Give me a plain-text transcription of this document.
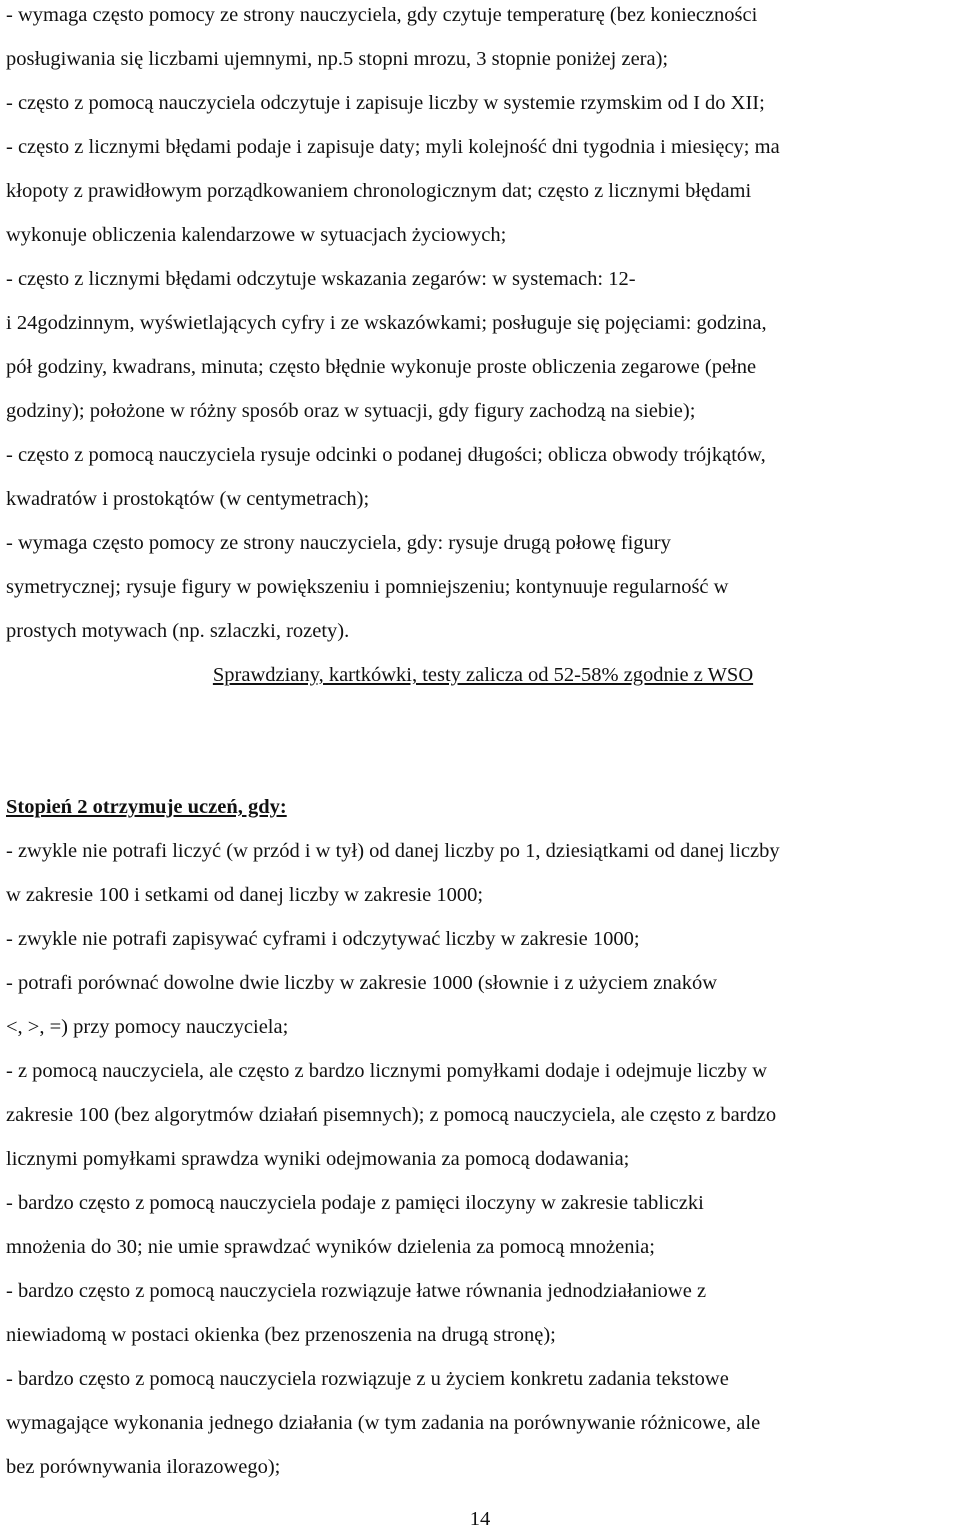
- wymaga często pomocy ze strony nauczyciela, gdy czytuje temperaturę (bez konieczności
posługiwania się liczbami ujemnymi, np.5 stopni mrozu, 3 stopnie poniżej zera);
- często z pomocą nauczyciela odczytuje i zapisuje liczby w systemie rzymskim od I do XII;
- często z licznymi błędami podaje i zapisuje daty; myli kolejność dni tygodnia i miesięcy; ma
kłopoty z prawidłowym porządkowaniem chronologicznym dat; często z licznymi błędami
wykonuje obliczenia kalendarzowe w sytuacjach życiowych;
- często z licznymi błędami odczytuje wskazania zegarów: w systemach: 12-
i 24godzinnym, wyświetlających cyfry i ze wskazówkami; posługuje się pojęciami: godzina,
pół godziny, kwadrans, minuta; często błędnie wykonuje proste obliczenia zegarowe (pełne
godziny); położone w różny sposób oraz w sytuacji, gdy figury zachodzą na siebie);
- często z pomocą nauczyciela rysuje odcinki o podanej długości; oblicza obwody trójkątów,
kwadratów i prostokątów (w centymetrach);
- wymaga często pomocy ze strony nauczyciela, gdy: rysuje drugą połowę figury
symetrycznej; rysuje figury w powiększeniu i pomniejszeniu; kontynuuje regularność w
prostych motywach (np. szlaczki, rozety).
Sprawdziany, kartkówki, testy zalicza od 52-58% zgodnie z WSO
Stopień 2 otrzymuje uczeń, gdy:
- zwykle nie potrafi liczyć (w przód i w tył) od danej liczby po 1, dziesiątkami od danej liczby
w zakresie 100 i setkami od danej liczby w zakresie 1000;
- zwykle nie potrafi zapisywać cyframi i odczytywać liczby w zakresie 1000;
- potrafi porównać dowolne dwie liczby w zakresie 1000 (słownie i z użyciem znaków
<, >, =) przy pomocy nauczyciela;
- z pomocą nauczyciela, ale często z bardzo licznymi pomyłkami dodaje i odejmuje liczby w
zakresie 100 (bez algorytmów działań pisemnych); z pomocą nauczyciela, ale często z bardzo
licznymi pomyłkami sprawdza wyniki odejmowania za pomocą dodawania;
- bardzo często z pomocą nauczyciela podaje z pamięci iloczyny w zakresie tabliczki
mnożenia do 30; nie umie sprawdzać wyników dzielenia za pomocą mnożenia;
- bardzo często z pomocą nauczyciela rozwiązuje łatwe równania jednodziałaniowe z
niewiadomą w postaci okienka (bez przenoszenia na drugą stronę);
- bardzo często z pomocą nauczyciela rozwiązuje z u życiem konkretu zadania tekstowe
wymagające wykonania jednego działania (w tym zadania na porównywanie różnicowe, ale
bez porównywania ilorazowego);
14
